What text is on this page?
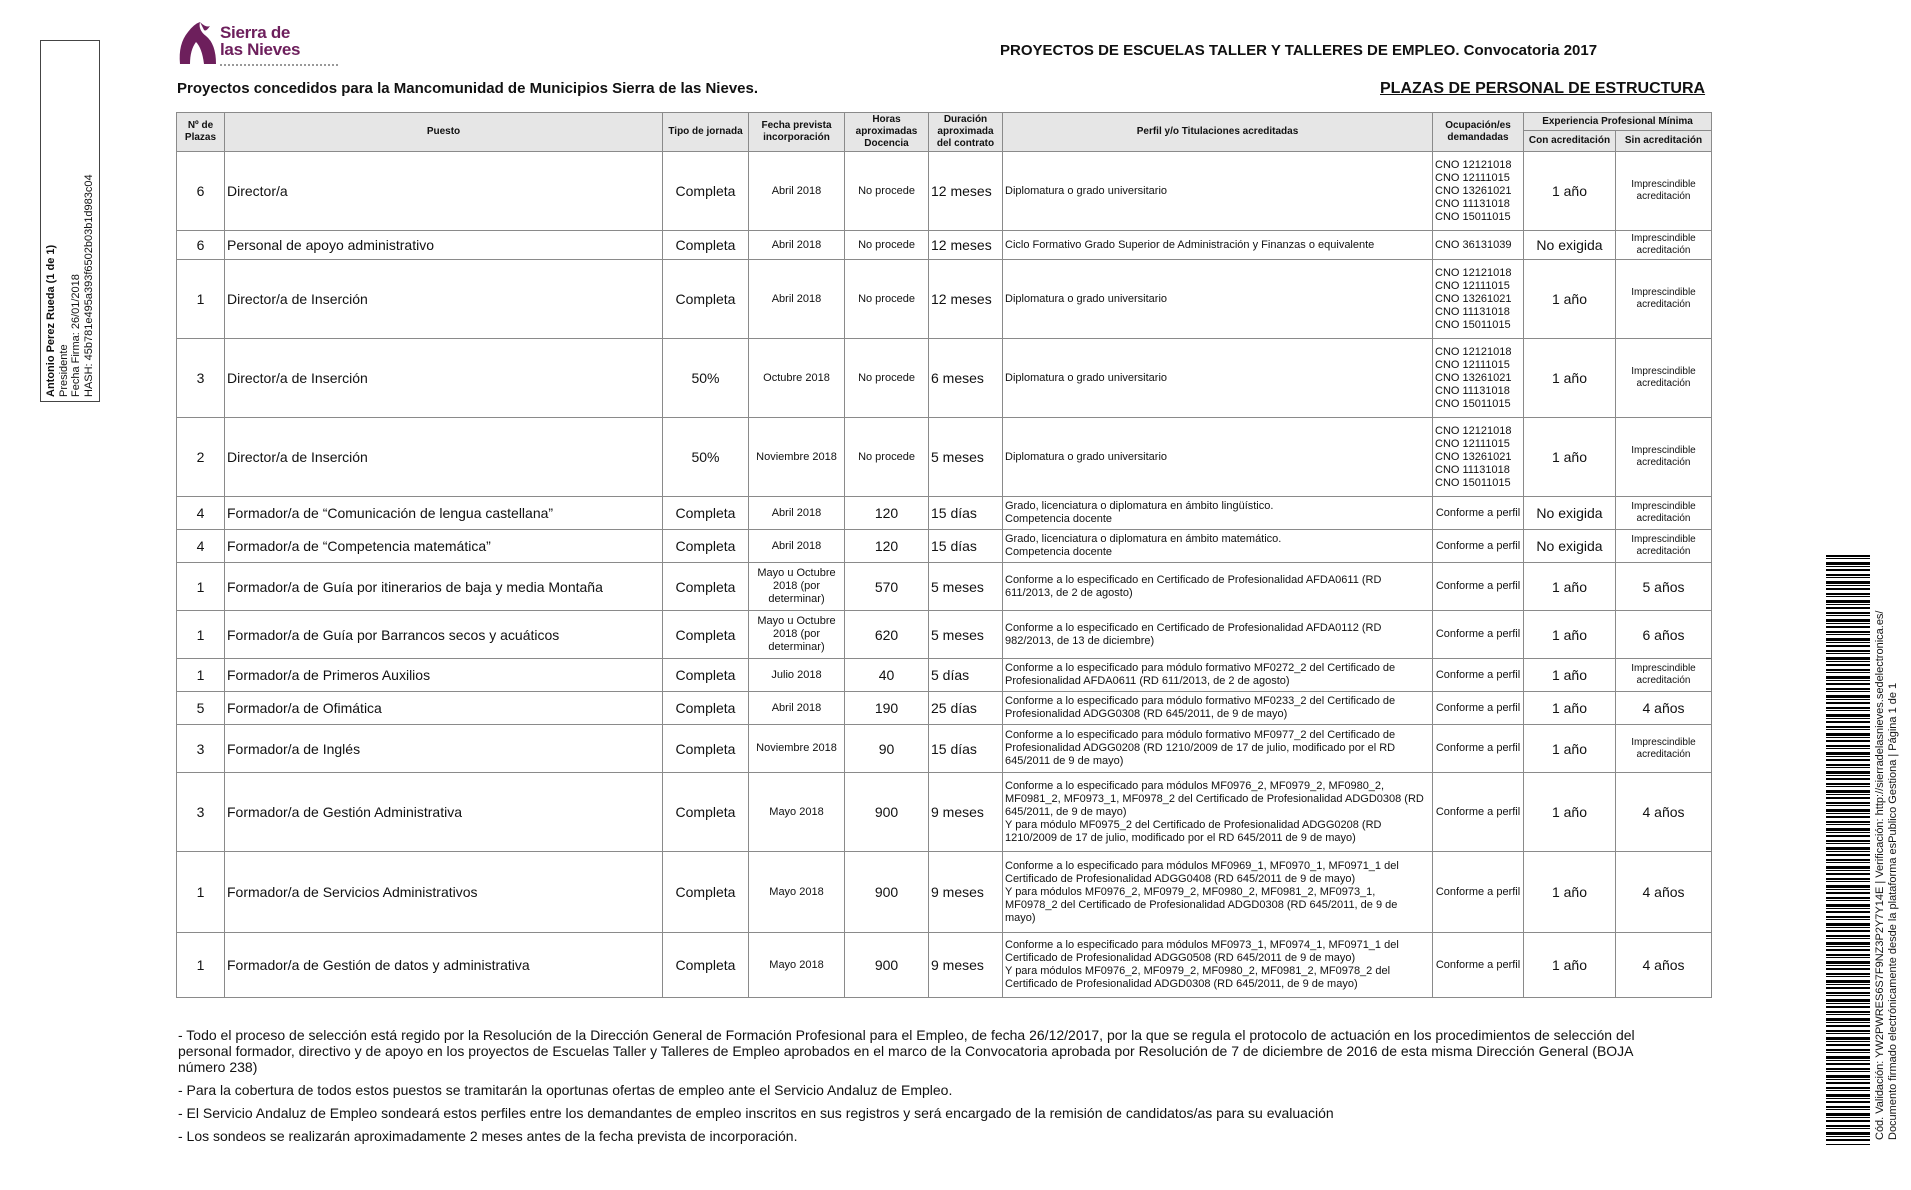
Antonio Perez Rueda (1 de 1) Presidente Fecha Firma: 26/01/2018 HASH: 45b781e495a393f6502b03b1d983c04
Sierra de
las Nieves	PROYECTOS DE ESCUELAS TALLER Y TALLERES DE EMPLEO. Convocatoria 2017
Proyectos concedidos para la Mancomunidad de Municipios Sierra de las Nieves.	PLAZAS DE PERSONAL DE ESTRUCTURA
Nº de Plazas	Puesto	Tipo de jornada	Fecha prevista incorporación	Horas aproximadas Docencia	Duración aproximada del contrato	Perfil y/o Titulaciones acreditadas	Ocupación/es demandadas	Experiencia Profesional Mínima	
								Con acreditación	Sin acreditación
6	Director/a	Completa	Abril 2018	No procede	12 meses	Diplomatura o grado universitario	CNO 12121018
CNO 12111015
CNO 13261021
CNO 11131018
CNO 15011015	1 año	Imprescindible acreditación
6	Personal de apoyo administrativo	Completa	Abril 2018	No procede	12 meses	Ciclo Formativo Grado Superior de Administración y Finanzas o equivalente	CNO 36131039	No exigida	Imprescindible acreditación
1	Director/a de Inserción	Completa	Abril 2018	No procede	12 meses	Diplomatura o grado universitario	CNO 12121018
CNO 12111015
CNO 13261021
CNO 11131018
CNO 15011015	1 año	Imprescindible acreditación
3	Director/a de Inserción	50%	Octubre 2018	No procede	6 meses	Diplomatura o grado universitario	CNO 12121018
CNO 12111015
CNO 13261021
CNO 11131018
CNO 15011015	1 año	Imprescindible acreditación
2	Director/a de Inserción	50%	Noviembre 2018	No procede	5 meses	Diplomatura o grado universitario	CNO 12121018
CNO 12111015
CNO 13261021
CNO 11131018
CNO 15011015	1 año	Imprescindible acreditación
4	Formador/a de “Comunicación de lengua castellana”	Completa	Abril 2018	120	15 días	Grado, licenciatura o diplomatura en ámbito lingüístico.
Competencia docente	Conforme a perfil	No exigida	Imprescindible acreditación
4	Formador/a de “Competencia matemática”	Completa	Abril 2018	120	15 días	Grado, licenciatura o diplomatura en ámbito matemático.
Competencia docente	Conforme a perfil	No exigida	Imprescindible acreditación
1	Formador/a de Guía por itinerarios de baja y media Montaña	Completa	Mayo u Octubre 2018 (por determinar)	570	5 meses	Conforme a lo especificado en Certificado de Profesionalidad AFDA0611 (RD 611/2013, de 2 de agosto)	Conforme a perfil	1 año	5 años
1	Formador/a de Guía por Barrancos secos y acuáticos	Completa	Mayo u Octubre 2018 (por determinar)	620	5 meses	Conforme a lo especificado en Certificado de Profesionalidad AFDA0112 (RD 982/2013, de 13 de diciembre)	Conforme a perfil	1 año	6 años
1	Formador/a de Primeros Auxilios	Completa	Julio 2018	40	5 días	Conforme a lo especificado para módulo formativo MF0272_2 del Certificado de Profesionalidad AFDA0611 (RD 611/2013, de 2 de agosto)	Conforme a perfil	1 año	Imprescindible acreditación
5	Formador/a de Ofimática	Completa	Abril 2018	190	25 días	Conforme a lo especificado para módulo formativo MF0233_2 del Certificado de Profesionalidad ADGG0308 (RD 645/2011, de 9 de mayo)	Conforme a perfil	1 año	4 años
3	Formador/a de Inglés	Completa	Noviembre 2018	90	15 días	Conforme a lo especificado para módulo formativo MF0977_2 del Certificado de Profesionalidad ADGG0208 (RD 1210/2009 de 17 de julio, modificado por el RD 645/2011 de 9 de mayo)	Conforme a perfil	1 año	Imprescindible acreditación
3	Formador/a de Gestión Administrativa	Completa	Mayo 2018	900	9 meses	Conforme a lo especificado para módulos MF0976_2, MF0979_2, MF0980_2, MF0981_2, MF0973_1, MF0978_2 del Certificado de Profesionalidad ADGD0308 (RD 645/2011, de 9 de mayo)
Y para módulo MF0975_2 del Certificado de Profesionalidad ADGG0208 (RD 1210/2009 de 17 de julio, modificado por el RD 645/2011 de 9 de mayo)	Conforme a perfil	1 año	4 años
1	Formador/a de Servicios Administrativos	Completa	Mayo 2018	900	9 meses	Conforme a lo especificado para módulos MF0969_1, MF0970_1, MF0971_1 del Certificado de Profesionalidad ADGG0408 (RD 645/2011 de 9 de mayo)
Y para módulos MF0976_2, MF0979_2, MF0980_2, MF0981_2, MF0973_1, MF0978_2 del Certificado de Profesionalidad ADGD0308 (RD 645/2011, de 9 de mayo)	Conforme a perfil	1 año	4 años
1	Formador/a de Gestión de datos y administrativa	Completa	Mayo 2018	900	9 meses	Conforme a lo especificado para módulos MF0973_1, MF0974_1, MF0971_1 del Certificado de Profesionalidad ADGG0508 (RD 645/2011 de 9 de mayo)
Y para módulos MF0976_2, MF0979_2, MF0980_2, MF0981_2, MF0978_2 del Certificado de Profesionalidad ADGD0308 (RD 645/2011, de 9 de mayo)	Conforme a perfil	1 año	4 años

- Todo el proceso de selección está regido por la Resolución de la Dirección General de Formación Profesional para el Empleo, de fecha 26/12/2017, por la que se regula el protocolo de actuación en los procedimientos de selección del personal formador, directivo y de apoyo en los proyectos de Escuelas Taller y Talleres de Empleo aprobados en el marco de la Convocatoria aprobada por Resolución de 7 de diciembre de 2016 de esta misma Dirección General (BOJA número 238)

- Para la cobertura de todos estos puestos se tramitarán la oportunas ofertas de empleo ante el Servicio Andaluz de Empleo.

- El Servicio Andaluz de Empleo sondeará estos perfiles entre los demandantes de empleo inscritos en sus registros y será encargado de la remisión de candidatos/as para su evaluación

- Los sondeos se realizarán aproximadamente 2 meses antes de la fecha prevista de incorporación.	Cód. Validación: YW2PWRES6S7F9NZ3P2Y7Y14E | Verificación: http://sierradelasnieves.sedelectronica.es/ Documento firmado electrónicamente desde la plataforma esPublico Gestiona | Página 1 de 1
